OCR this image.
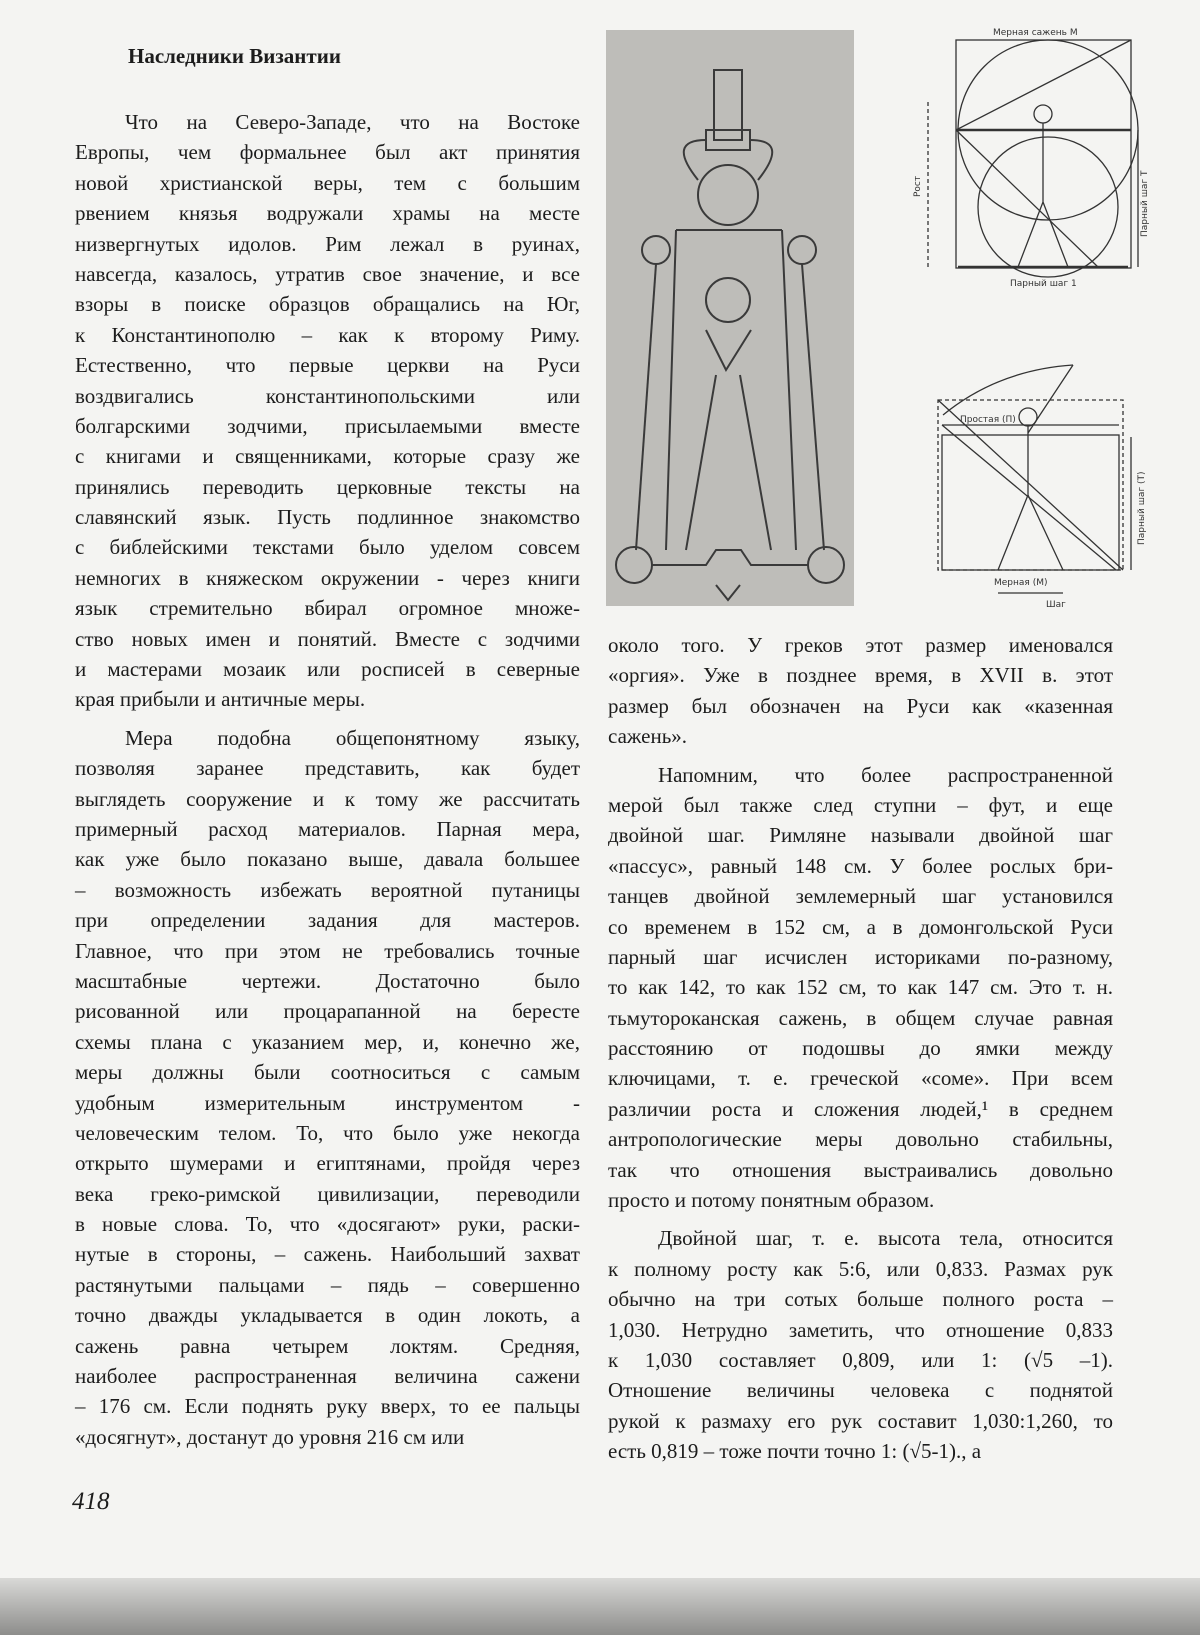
Наследники Византии
Что на Северо-Западе, что на Востоке
Европы, чем формальнее был акт принятия
новой христианской веры, тем с большим
рвением князья водружали храмы на месте
низвергнутых идолов. Рим лежал в руинах,
навсегда, казалось, утратив свое значение, и все
взоры в поиске образцов обращались на Юг,
к Константинополю – как к второму Риму.
Естественно, что первые церкви на Руси
воздвигались константинопольскими или
болгарскими зодчими, присылаемыми вместе
с книгами и священниками, которые сразу же
принялись переводить церковные тексты на
славянский язык. Пусть подлинное знакомство
с библейскими текстами было уделом совсем
немногих в княжеском окружении - через книги
язык стремительно вбирал огромное множе-
ство новых имен и понятий. Вместе с зодчими
и мастерами мозаик или росписей в северные
края прибыли и античные меры.
Мера подобна общепонятному языку,
позволяя заранее представить, как будет
выглядеть сооружение и к тому же рассчитать
примерный расход материалов. Парная мера,
как уже было показано выше, давала большее
– возможность избежать вероятной путаницы
при определении задания для мастеров.
Главное, что при этом не требовались точные
масштабные чертежи. Достаточно было
рисованной или процарапанной на бересте
схемы плана с указанием мер, и, конечно же,
меры должны были соотноситься с самым
удобным измерительным инструментом -
человеческим телом. То, что было уже некогда
открыто шумерами и египтянами, пройдя через
века греко-римской цивилизации, переводили
в новые слова. То, что «досягают» руки, раски-
нутые в стороны, – сажень. Наибольший захват
растянутыми пальцами – пядь – совершенно
точно дважды укладывается в один локоть, а
сажень равна четырем локтям. Средняя,
наиболее распространенная величина сажени
– 176 см. Если поднять руку вверх, то ее пальцы
«досягнут», достанут до уровня 216 см или
около того. У греков этот размер именовался
«оргия». Уже в позднее время, в XVII в. этот
размер был обозначен на Руси как «казенная
сажень».
Напомним, что более распространенной
мерой был также след ступни – фут, и еще
двойной шаг. Римляне называли двойной шаг
«пассус», равный 148 см. У более рослых бри-
танцев двойной землемерный шаг установился
со временем в 152 см, а в домонгольской Руси
парный шаг исчислен историками по-разному,
то как 142, то как 152 см, то как 147 см. Это т. н.
тьмутороканская сажень, в общем случае равная
расстоянию от подошвы до ямки между
ключицами, т. е. греческой «соме». При всем
различии роста и сложения людей,¹ в среднем
антропологические меры довольно стабильны,
так что отношения выстраивались довольно
просто и потому понятным образом.
Двойной шаг, т. е. высота тела, относится
к полному росту как 5:6, или 0,833. Размах рук
обычно на три сотых больше полного роста –
1,030. Нетрудно заметить, что отношение 0,833
к 1,030 составляет 0,809, или 1: (√5 –1).
Отношение величины человека с поднятой
рукой к размаху его рук составит 1,030:1,260, то
есть 0,819 – тоже почти точно 1: (√5-1)., а
Мерная сажень М
Рост	Парный шаг Т
Парный шаг 1
Простая (П)
Мерная (М)
Шаг
Парный шаг (Т)
418
